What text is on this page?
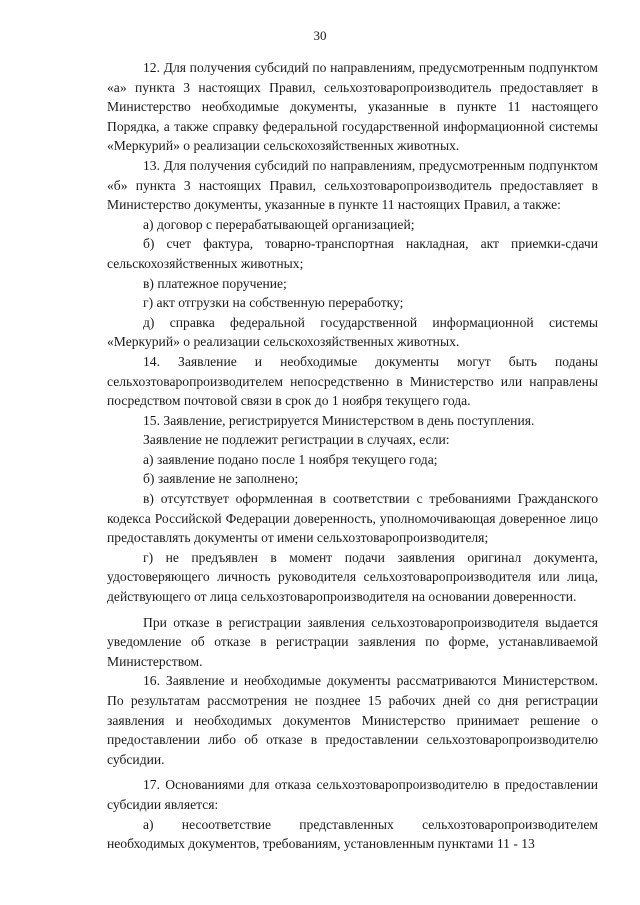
30

12. Для получения субсидий по направлениям, предусмотренным подпунктом «а» пункта 3 настоящих Правил, сельхозтоваропроизводитель предоставляет в Министерство необходимые документы, указанные в пункте 11 настоящего Порядка, а также справку федеральной государственной информационной системы «Меркурий» о реализации сельскохозяйственных животных.

13. Для получения субсидий по направлениям, предусмотренным подпунктом «б» пункта 3 настоящих Правил, сельхозтоваропроизводитель предоставляет в Министерство документы, указанные в пункте 11 настоящих Правил, а также:

а) договор с перерабатывающей организацией;

б) счет фактура, товарно-транспортная накладная, акт приемки-сдачи сельскохозяйственных животных;

в) платежное поручение;

г) акт отгрузки на собственную переработку;

д) справка федеральной государственной информационной системы «Меркурий» о реализации сельскохозяйственных животных.

14. Заявление и необходимые документы могут быть поданы сельхозтоваропроизводителем непосредственно в Министерство или направлены посредством почтовой связи в срок до 1 ноября текущего года.

15. Заявление, регистрируется Министерством в день поступления.

Заявление не подлежит регистрации в случаях, если:

а) заявление подано после 1 ноября текущего года;

б) заявление не заполнено;

в) отсутствует оформленная в соответствии с требованиями Гражданского кодекса Российской Федерации доверенность, уполномочивающая доверенное лицо предоставлять документы от имени сельхозтоваропроизводителя;

г) не предъявлен в момент подачи заявления оригинал документа, удостоверяющего личность руководителя сельхозтоваропроизводителя или лица, действующего от лица сельхозтоваропроизводителя на основании доверенности.

При отказе в регистрации заявления сельхозтоваропроизводителя выдается уведомление об отказе в регистрации заявления по форме, устанавливаемой Министерством.

16. Заявление и необходимые документы рассматриваются Министерством. По результатам рассмотрения не позднее 15 рабочих дней со дня регистрации заявления и необходимых документов Министерство принимает решение о предоставлении либо об отказе в предоставлении сельхозтоваропроизводителю субсидии.

17. Основаниями для отказа сельхозтоваропроизводителю в предоставлении субсидии является:

а) несоответствие представленных сельхозтоваропроизводителем необходимых документов, требованиям, установленным пунктами 11 - 13
